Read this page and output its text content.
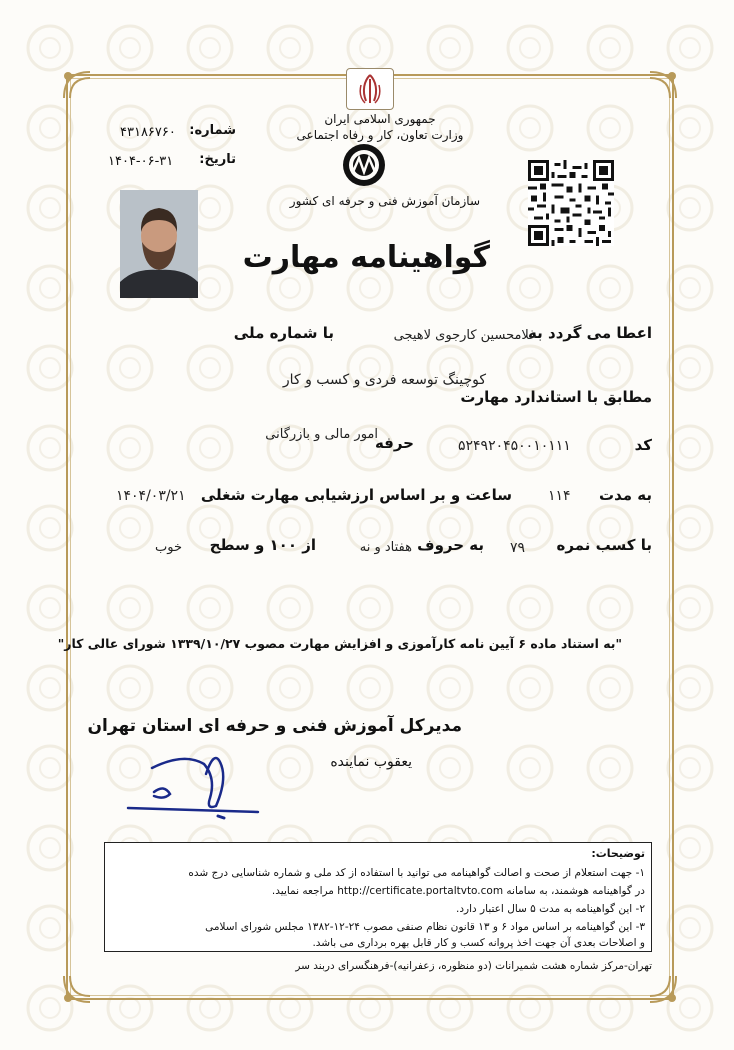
جمهوری اسلامی ایران
وزارت تعاون، کار و رفاه اجتماعی
شماره:
۴۳۱۸۶۷۶۰
تاریخ:
۱۴۰۴-۰۶-۳۱
سازمان آموزش فنی و حرفه ای کشور
گواهینامه مهارت
اعطا می گردد به
غلامحسین کارجوی لاهیجی
با شماره ملی
کوچینگ توسعه فردی و کسب و کار
مطابق با استاندارد مهارت
کد
۵۲۴۹۲۰۴۵۰۰۱۰۱۱۱
حرفه
امور مالی و بازرگانی
به مدت
۱۱۴
ساعت و بر اساس ارزشیابی مهارت شغلی
۱۴۰۴/۰۳/۲۱
با کسب نمره
۷۹
به حروف
هفتاد و نه
از ۱۰۰ و سطح
خوب
"به استناد ماده ۶ آیین نامه کارآموزی و افزایش مهارت مصوب ۱۳۳۹/۱۰/۲۷ شورای عالی کار"
مدیرکل آموزش فنی و حرفه ای استان تهران
یعقوب نماینده
توضیحات:
۱- جهت استعلام از صحت و اصالت گواهینامه می توانید با استفاده از کد ملی و شماره شناسایی درج شده
در گواهینامه هوشمند، به سامانه http://certificate.portaltvto.com مراجعه نمایید.
۲- این گواهینامه به مدت ۵ سال اعتبار دارد.
۳- این گواهینامه بر اساس مواد ۶ و ۱۳ قانون نظام صنفی مصوب ۲۴-۱۲-۱۳۸۲ مجلس شورای اسلامی
و اصلاحات بعدی آن جهت اخذ پروانه کسب و کار قابل بهره برداری می باشد.
تهران-مرکز شماره هشت شمیرانات (دو منظوره، زعفرانیه)-فرهنگسرای دربند سر
